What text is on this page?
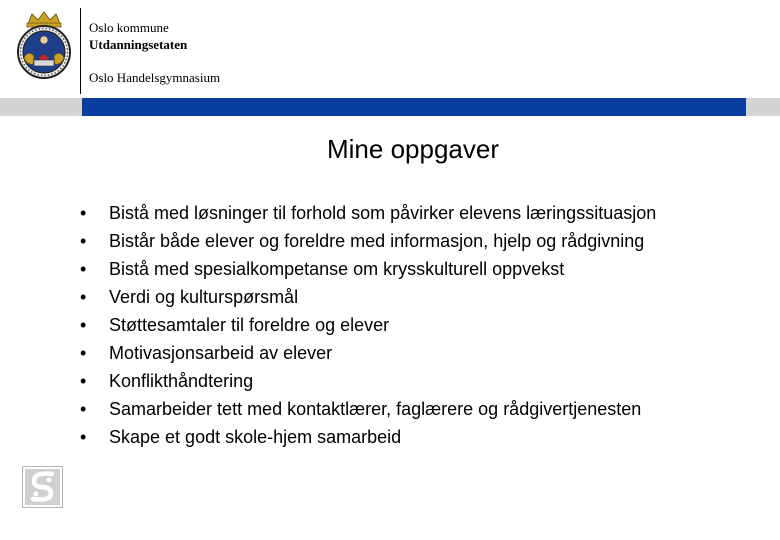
Oslo kommune
Utdanningsetaten
Oslo Handelsgymnasium
Mine oppgaver
• Bistå med løsninger til forhold som påvirker elevens læringssituasjon
• Bistår både elever og foreldre med informasjon, hjelp og rådgivning
• Bistå med spesialkompetanse om krysskulturell oppvekst
• Verdi og kulturspørsmål
• Støttesamtaler til foreldre og elever
• Motivasjonsarbeid av elever
• Konflikthåndtering
• Samarbeider tett med kontaktlærer, faglærere og rådgivertjenesten
• Skape et godt skole-hjem samarbeid
